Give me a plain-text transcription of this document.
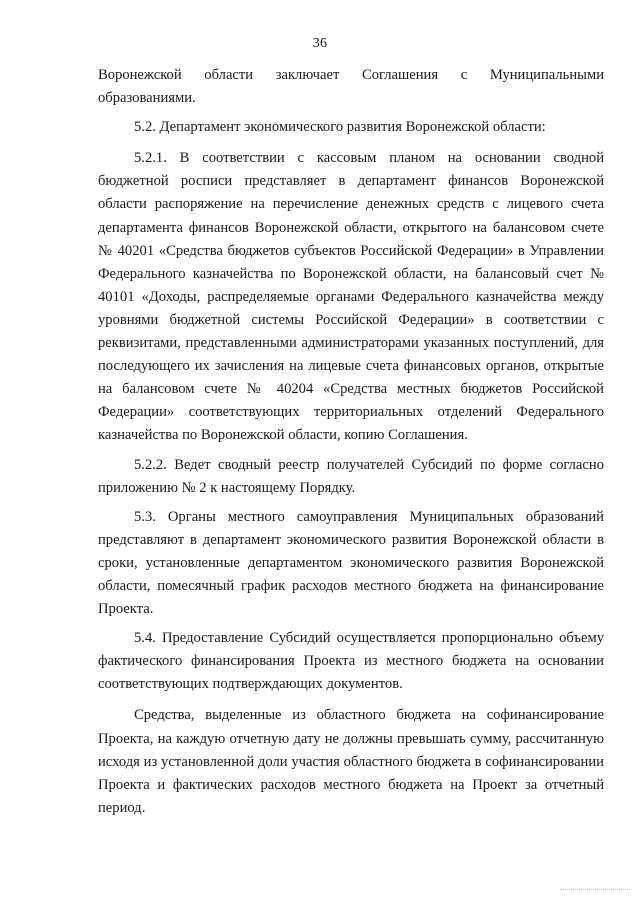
36

Воронежской области заключает Соглашения с Муниципальными образованиями.

5.2. Департамент экономического развития Воронежской области:

5.2.1. В соответствии с кассовым планом на основании сводной бюджетной росписи представляет в департамент финансов Воронежской области распоряжение на перечисление денежных средств с лицевого счета департамента финансов Воронежской области, открытого на балансовом счете № 40201 «Средства бюджетов субъектов Российской Федерации» в Управлении Федерального казначейства по Воронежской области, на балансовый счет № 40101 «Доходы, распределяемые органами Федерального казначейства между уровнями бюджетной системы Российской Федерации» в соответствии с реквизитами, представленными администраторами указанных поступлений, для последующего их зачисления на лицевые счета финансовых органов, открытые на балансовом счете № 40204 «Средства местных бюджетов Российской Федерации» соответствующих территориальных отделений Федерального казначейства по Воронежской области, копию Соглашения.

5.2.2. Ведет сводный реестр получателей Субсидий по форме согласно приложению № 2 к настоящему Порядку.

5.3. Органы местного самоуправления Муниципальных образований представляют в департамент экономического развития Воронежской области в сроки, установленные департаментом экономического развития Воронежской области, помесячный график расходов местного бюджета на финансирование Проекта.

5.4. Предоставление Субсидий осуществляется пропорционально объему фактического финансирования Проекта из местного бюджета на основании соответствующих подтверждающих документов.

Средства, выделенные из областного бюджета на софинансирование Проекта, на каждую отчетную дату не должны превышать сумму, рассчитанную исходя из установленной доли участия областного бюджета в софинансировании Проекта и фактических расходов местного бюджета на Проект за отчетный период.
